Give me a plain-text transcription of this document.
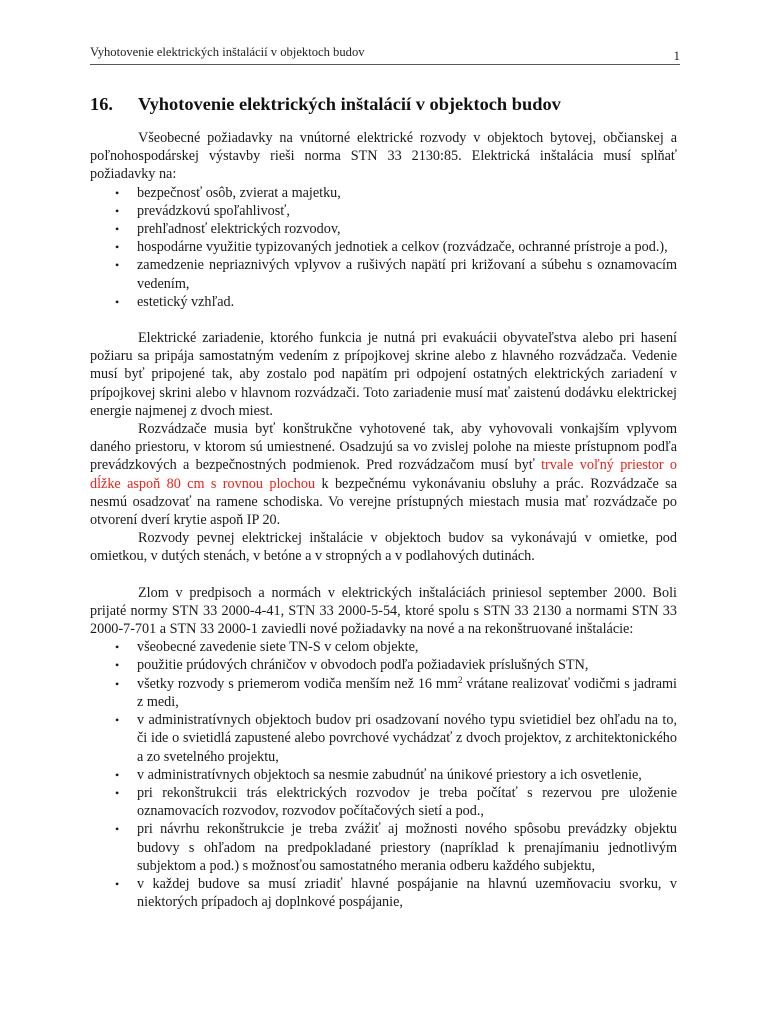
Vyhotovenie elektrických inštalácií v objektoch budov	1
16. Vyhotovenie elektrických inštalácií v objektoch budov

Všeobecné požiadavky na vnútorné elektrické rozvody v objektoch bytovej, občianskej a poľnohospodárskej výstavby rieši norma STN 33 2130:85. Elektrická inštalácia musí splňať požiadavky na:

• bezpečnosť osôb, zvierat a majetku,
• prevádzkovú spoľahlivosť,
• prehľadnosť elektrických rozvodov,
• hospodárne využitie typizovaných jednotiek a celkov (rozvádzače, ochranné prístroje a pod.),
• zamedzenie nepriaznivých vplyvov a rušivých napätí pri križovaní a súbehu s oznamovacím vedením,
• estetický vzhľad.

Elektrické zariadenie, ktorého funkcia je nutná pri evakuácii obyvateľstva alebo pri hasení požiaru sa pripája samostatným vedením z prípojkovej skrine alebo z hlavného rozvádzača. Vedenie musí byť pripojené tak, aby zostalo pod napätím pri odpojení ostatných elektrických zariadení v prípojkovej skrini alebo v hlavnom rozvádzači. Toto zariadenie musí mať zaistenú dodávku elektrickej energie najmenej z dvoch miest.

Rozvádzače musia byť konštrukčne vyhotovené tak, aby vyhovovali vonkajším vplyvom daného priestoru, v ktorom sú umiestnené. Osadzujú sa vo zvislej polohe na mieste prístupnom podľa prevádzkových a bezpečnostných podmienok. Pred rozvádzačom musí byť trvale voľný priestor o dĺžke aspoň 80 cm s rovnou plochou k bezpečnému vykonávaniu obsluhy a prác. Rozvádzače sa nesmú osadzovať na ramene schodiska. Vo verejne prístupných miestach musia mať rozvádzače po otvorení dverí krytie aspoň IP 20.

Rozvody pevnej elektrickej inštalácie v objektoch budov sa vykonávajú v omietke, pod omietkou, v dutých stenách, v betóne a v stropných a v podlahových dutinách.

Zlom v predpisoch a normách v elektrických inštaláciách priniesol september 2000. Boli prijaté normy STN 33 2000-4-41, STN 33 2000-5-54, ktoré spolu s STN 33 2130 a normami STN 33 2000-7-701 a STN 33 2000-1 zaviedli nové požiadavky na nové a na rekonštruované inštalácie:

• všeobecné zavedenie siete TN-S v celom objekte,
• použitie prúdových chráničov v obvodoch podľa požiadaviek príslušných STN,
• všetky rozvody s priemerom vodiča menším než 16 $mm^2$ vrátane realizovať vodičmi s jadrami z medi,
• v administratívnych objektoch budov pri osadzovaní nového typu svietidiel bez ohľadu na to, či ide o svietidlá zapustené alebo povrchové vychádzať z dvoch projektov, z architektonického a zo svetelného projektu,
• v administratívnych objektoch sa nesmie zabudnúť na únikové priestory a ich osvetlenie,
• pri rekonštrukcii trás elektrických rozvodov je treba počítať s rezervou pre uloženie oznamovacích rozvodov, rozvodov počítačových sietí a pod.,
• pri návrhu rekonštrukcie je treba zvážiť aj možnosti nového spôsobu prevádzky objektu budovy s ohľadom na predpokladané priestory (napríklad k prenajímaniu jednotlivým subjektom a pod.) s možnosťou samostatného merania odberu každého subjektu,
• v každej budove sa musí zriadiť hlavné pospájanie na hlavnú uzemňovaciu svorku, v niektorých prípadoch aj doplnkové pospájanie,
